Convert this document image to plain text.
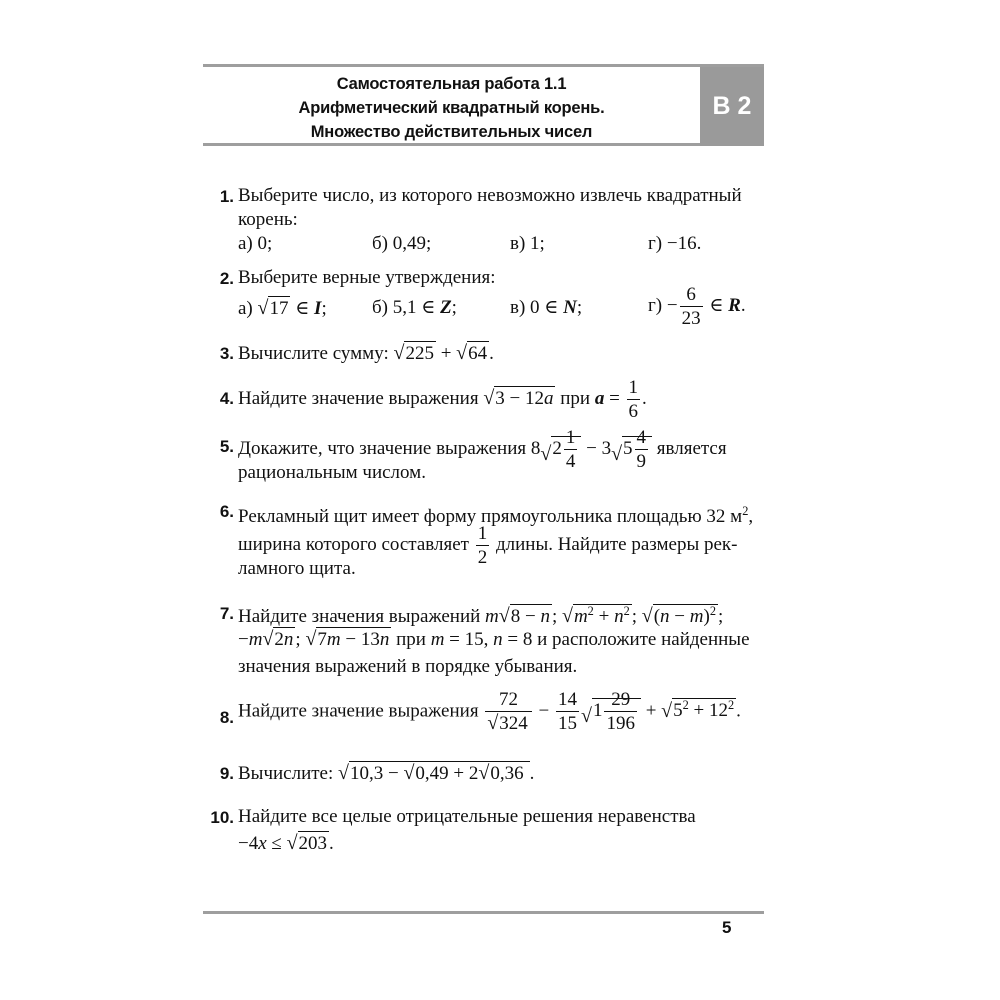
Самостоятельная работа 1.1
Арифметический квадратный корень.
Множество действительных чисел
В 2
1. Выберите число, из которого невозможно извлечь квадратный
корень:
а) 0;	б) 0,49;	в) 1;	г) −16.
2. Выберите верные утверждения:
а) √17 ∈ I; б) 5,1 ∈ Z;	в) 0 ∈ N;	$г) - \frac{6}{23}$ ∈ R.
3. Вычислите сумму: √225 + √64 .
4. Найдите значение выражения √3 − 12a при $a = \frac{1}{6}$ .
5. Докажите, что значение выражения $8√2 \frac{1}{4} - 3√5 \frac{4}{9}$ является
рациональным числом.
6. Рекламный щит имеет форму прямоугольника площадью 32 $м^2$,
ширина которого составляет $\frac{1}{2}$ длины. Найдите размеры рек-
ламного щита.
7. Найдите значения выражений m√8 − n ; $√m^2 + n^2$ ; $√(n - m)^2$ ;
−m√2n ; √7m − 13n при m = 15, n = 8 и расположите найденные
значения выражений в порядке убывания.
8. Найдите значение выражения $\frac{72}{√324} - \frac{14}{15} √1 \frac{29}{196} + √5^2 + 12^2$ .
9. Вычислите: √10,3 − √0,49 + 2√0,36 .
10. Найдите все целые отрицательные решения неравенства
−4x ≤ √203 .
5
